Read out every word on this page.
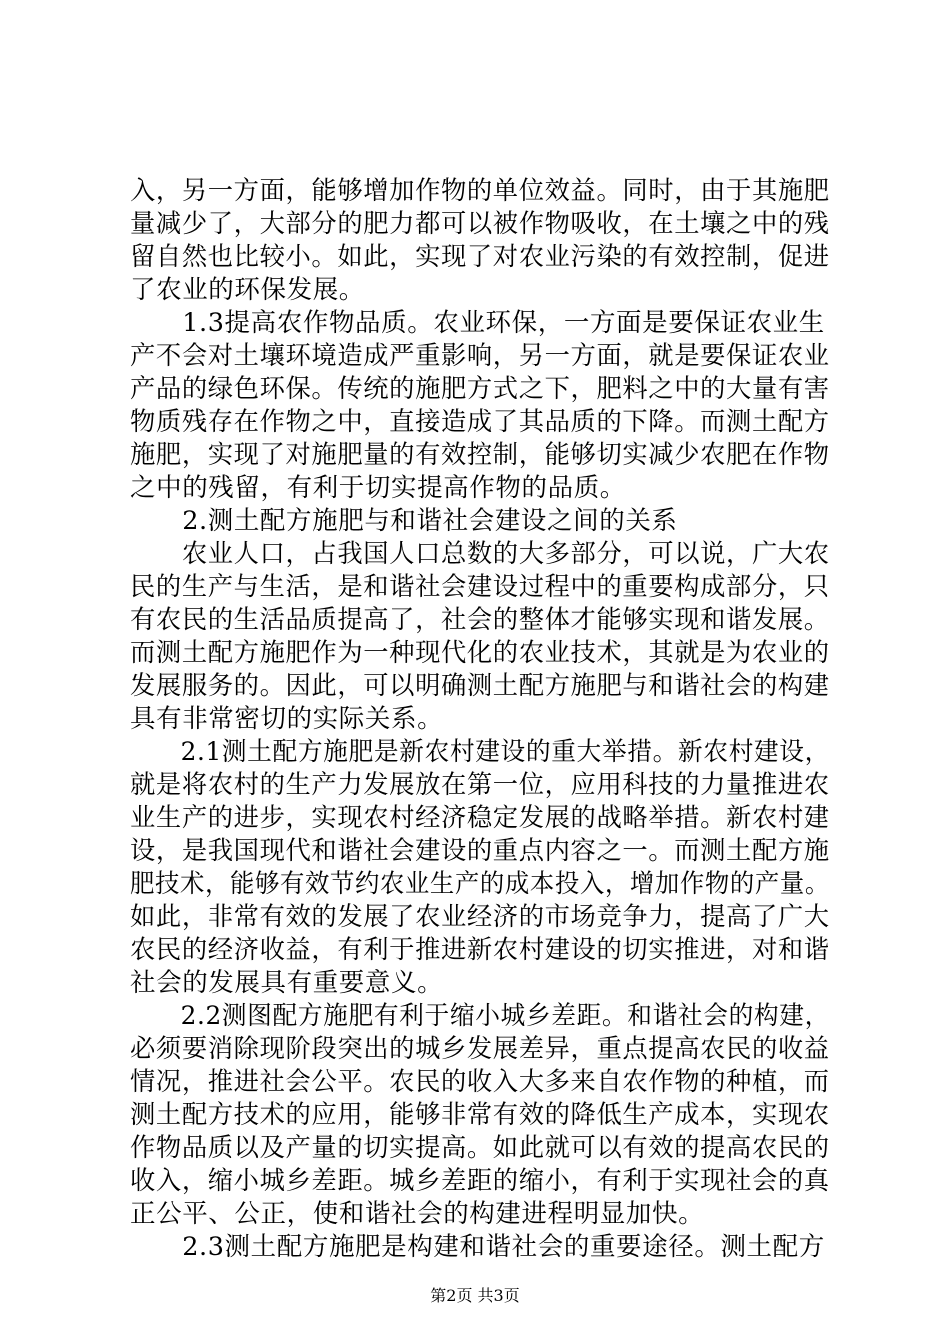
入，另一方面，能够增加作物的单位效益。同时，由于其施肥
量减少了，大部分的肥力都可以被作物吸收，在土壤之中的残
留自然也比较小。如此，实现了对农业污染的有效控制，促进
了农业的环保发展。
　　1.3提高农作物品质。农业环保，一方面是要保证农业生
产不会对土壤环境造成严重影响，另一方面，就是要保证农业
产品的绿色环保。传统的施肥方式之下，肥料之中的大量有害
物质残存在作物之中，直接造成了其品质的下降。而测土配方
施肥，实现了对施肥量的有效控制，能够切实减少农肥在作物
之中的残留，有利于切实提高作物的品质。
　　2.测土配方施肥与和谐社会建设之间的关系
　　农业人口，占我国人口总数的大多部分，可以说，广大农
民的生产与生活，是和谐社会建设过程中的重要构成部分，只
有农民的生活品质提高了，社会的整体才能够实现和谐发展。
而测土配方施肥作为一种现代化的农业技术，其就是为农业的
发展服务的。因此，可以明确测土配方施肥与和谐社会的构建
具有非常密切的实际关系。
　　2.1测土配方施肥是新农村建设的重大举措。新农村建设，
就是将农村的生产力发展放在第一位，应用科技的力量推进农
业生产的进步，实现农村经济稳定发展的战略举措。新农村建
设，是我国现代和谐社会建设的重点内容之一。而测土配方施
肥技术，能够有效节约农业生产的成本投入，增加作物的产量。
如此，非常有效的发展了农业经济的市场竞争力，提高了广大
农民的经济收益，有利于推进新农村建设的切实推进，对和谐
社会的发展具有重要意义。
　　2.2测图配方施肥有利于缩小城乡差距。和谐社会的构建，
必须要消除现阶段突出的城乡发展差异，重点提高农民的收益
情况，推进社会公平。农民的收入大多来自农作物的种植，而
测土配方技术的应用，能够非常有效的降低生产成本，实现农
作物品质以及产量的切实提高。如此就可以有效的提高农民的
收入，缩小城乡差距。城乡差距的缩小，有利于实现社会的真
正公平、公正，使和谐社会的构建进程明显加快。
　　2.3测土配方施肥是构建和谐社会的重要途径。测土配方
第2页 共3页
